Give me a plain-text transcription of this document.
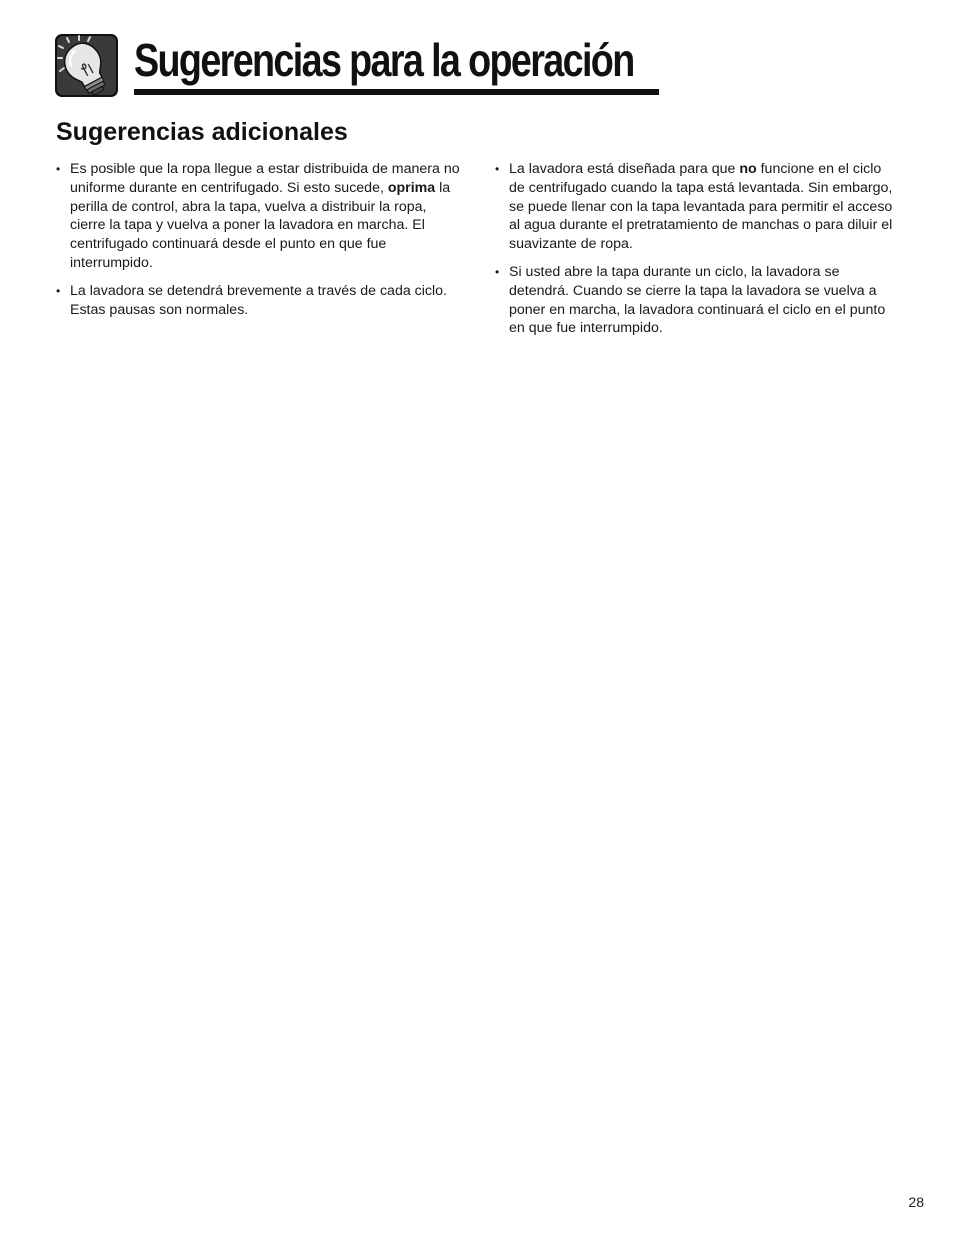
Sugerencias para la operación
Sugerencias adicionales
• Es posible que la ropa llegue a estar distribuida de manera no uniforme durante en centrifugado. Si esto sucede, oprima la perilla de control, abra la tapa, vuelva a distribuir la ropa, cierre la tapa y vuelva a poner la lavadora en marcha. El centrifugado continuará desde el punto en que fue interrumpido.
• La lavadora se detendrá brevemente a través de cada ciclo. Estas pausas son normales.
• La lavadora está diseñada para que no funcione en el ciclo de centrifugado cuando la tapa está levantada. Sin embargo, se puede llenar con la tapa levantada para permitir el acceso al agua durante el pretratamiento de manchas o para diluir el suavizante de ropa.
• Si usted abre la tapa durante un ciclo, la lavadora se detendrá. Cuando se cierre la tapa la lavadora se vuelva a poner en marcha, la lavadora continuará el ciclo en el punto en que fue interrumpido.
28
